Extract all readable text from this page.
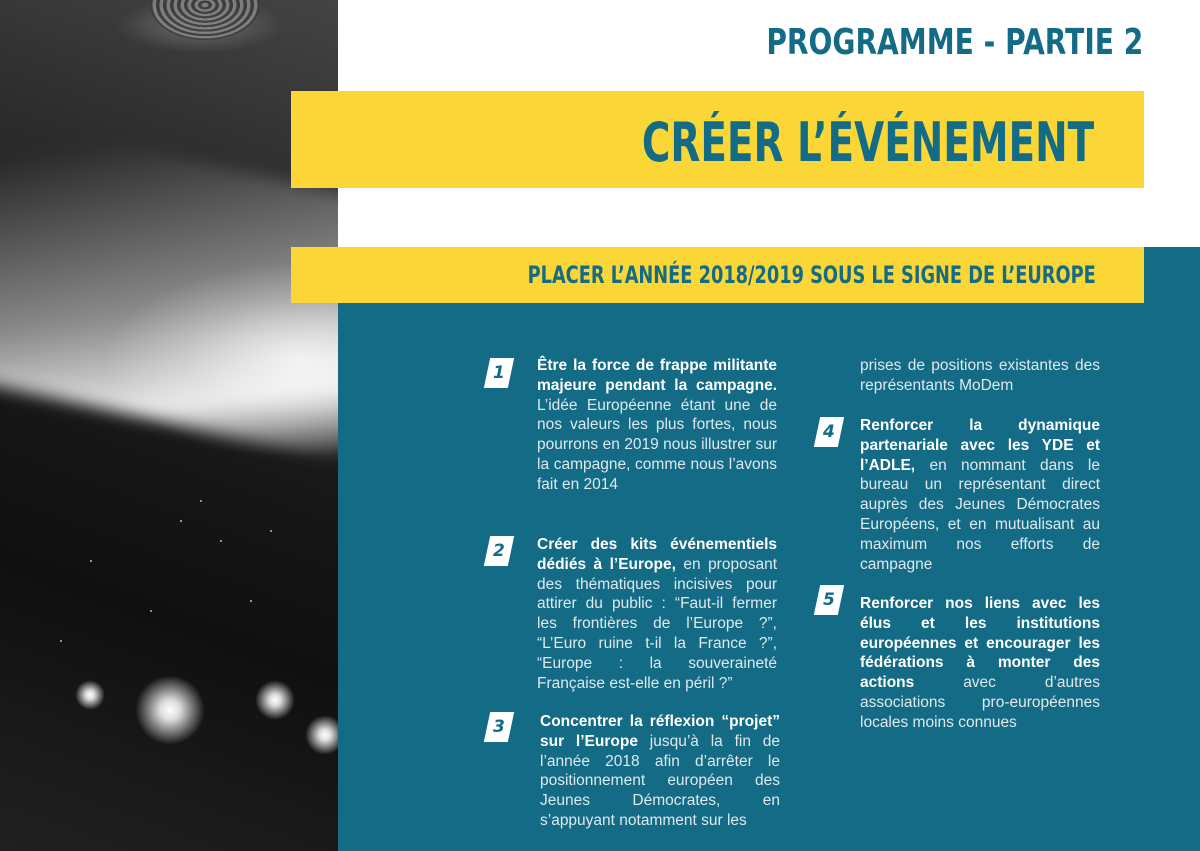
PROGRAMME - PARTIE 2
CRÉER L’ÉVÉNEMENT
PLACER L’ANNÉE 2018/2019 SOUS LE SIGNE DE L’EUROPE
1 Être la force de frappe militante majeure pendant la campagne. L’idée Européenne étant une de nos valeurs les plus fortes, nous pourrons en 2019 nous illustrer sur la campagne, comme nous l’avons fait en 2014
2 Créer des kits événementiels dédiés à l’Europe, en proposant des thématiques incisives pour attirer du public : “Faut-il fermer les frontières de l’Europe ?”, “L’Euro ruine t-il la France ?”, “Europe : la souveraineté Française est-elle en péril ?”
3 Concentrer la réflexion “projet” sur l’Europe jusqu’à la fin de l’année 2018 afin d’arrêter le positionnement européen des Jeunes Démocrates, en s’appuyant notamment sur les
prises de positions existantes des représentants MoDem
4 Renforcer la dynamique partenariale avec les YDE et l’ADLE, en nommant dans le bureau un représentant direct auprès des Jeunes Démocrates Européens, et en mutualisant au maximum nos efforts de campagne
5 Renforcer nos liens avec les élus et les institutions européennes et encourager les fédérations à monter des actions avec d’autres associations pro-européennes locales moins connues
